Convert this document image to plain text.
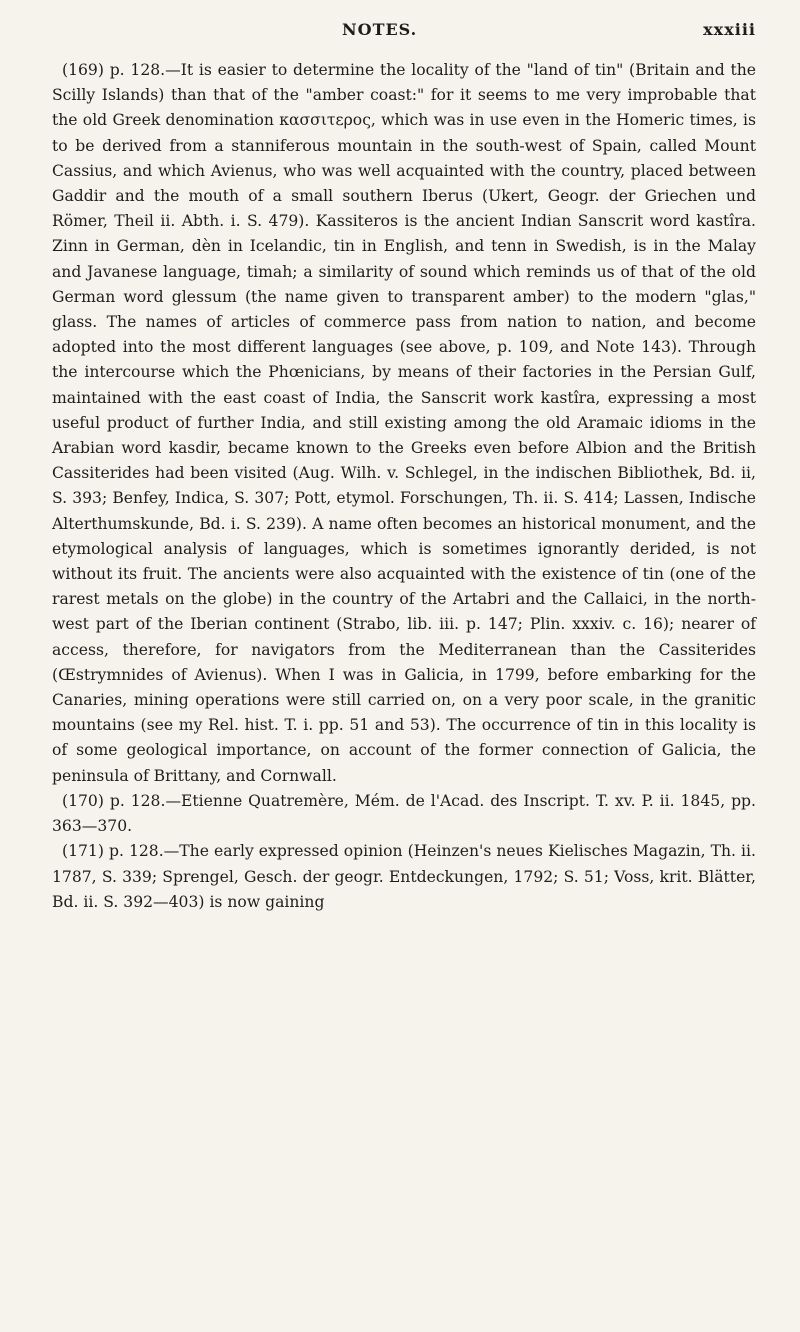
NOTES.	xxxiii

(169) p. 128.—It is easier to determine the locality of the "land of tin" (Britain and the Scilly Islands) than that of the "amber coast:" for it seems to me very improbable that the old Greek denomination κασσιτερος, which was in use even in the Homeric times, is to be derived from a stanniferous mountain in the south-west of Spain, called Mount Cassius, and which Avienus, who was well acquainted with the country, placed between Gaddir and the mouth of a small southern Iberus (Ukert, Geogr. der Griechen und Römer, Theil ii. Abth. i. S. 479). Kassiteros is the ancient Indian Sanscrit word kastîra. Zinn in German, dèn in Icelandic, tin in English, and tenn in Swedish, is in the Malay and Javanese language, timah; a similarity of sound which reminds us of that of the old German word glessum (the name given to transparent amber) to the modern "glas," glass. The names of articles of commerce pass from nation to nation, and become adopted into the most different languages (see above, p. 109, and Note 143). Through the intercourse which the Phœnicians, by means of their factories in the Persian Gulf, maintained with the east coast of India, the Sanscrit work kastîra, expressing a most useful product of further India, and still existing among the old Aramaic idioms in the Arabian word kasdir, became known to the Greeks even before Albion and the British Cassiterides had been visited (Aug. Wilh. v. Schlegel, in the indischen Bibliothek, Bd. ii, S. 393; Benfey, Indica, S. 307; Pott, etymol. Forschungen, Th. ii. S. 414; Lassen, Indische Alterthumskunde, Bd. i. S. 239). A name often becomes an historical monument, and the etymological analysis of languages, which is sometimes ignorantly derided, is not without its fruit. The ancients were also acquainted with the existence of tin (one of the rarest metals on the globe) in the country of the Artabri and the Callaici, in the north-west part of the Iberian continent (Strabo, lib. iii. p. 147; Plin. xxxiv. c. 16); nearer of access, therefore, for navigators from the Mediterranean than the Cassiterides (Œstrymnides of Avienus). When I was in Galicia, in 1799, before embarking for the Canaries, mining operations were still carried on, on a very poor scale, in the granitic mountains (see my Rel. hist. T. i. pp. 51 and 53). The occurrence of tin in this locality is of some geological importance, on account of the former connection of Galicia, the peninsula of Brittany, and Cornwall.

(170) p. 128.—Etienne Quatremère, Mém. de l'Acad. des Inscript. T. xv. P. ii. 1845, pp. 363—370.

(171) p. 128.—The early expressed opinion (Heinzen's neues Kielisches Magazin, Th. ii. 1787, S. 339; Sprengel, Gesch. der geogr. Entdeckungen, 1792; S. 51; Voss, krit. Blätter, Bd. ii. S. 392—403) is now gaining
